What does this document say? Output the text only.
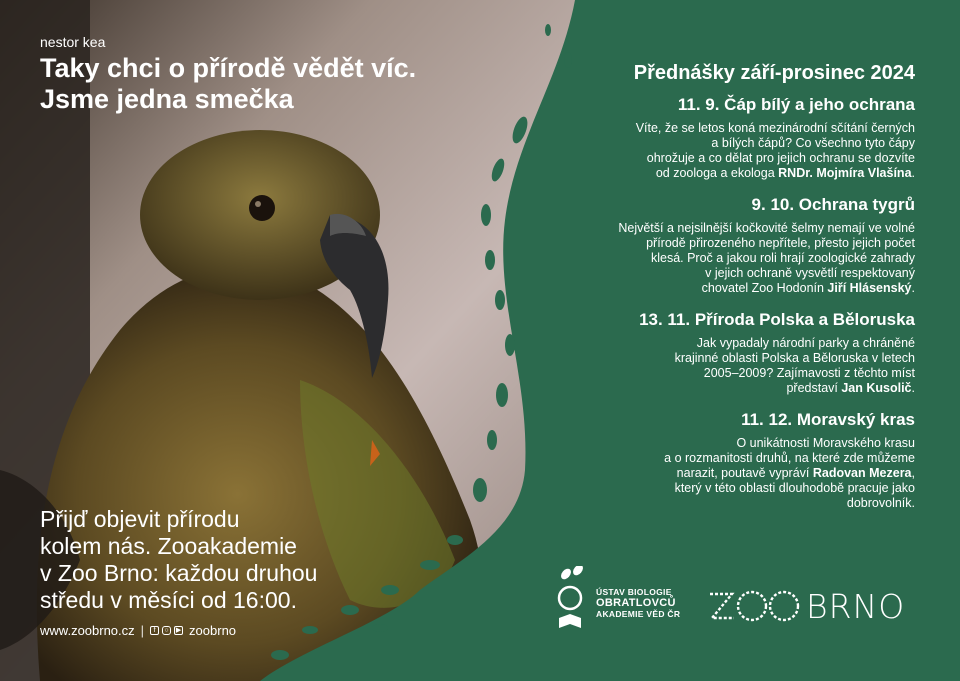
nestor kea

Taky chci o přírodě vědět víc.
Jsme jedna smečka

Přijď objevit přírodu
kolem nás. Zooakademie
v Zoo Brno: každou druhou
středu v měsíci od 16:00.
www.zoobrno.cz |	f	○	▶ zoobrno

Přednášky září-prosinec 2024

11. 9. Čáp bílý a jeho ochrana

Víte, že se letos koná mezinárodní sčítání černých
a bílých čápů? Co všechno tyto čápy
ohrožuje a co dělat pro jejich ochranu se dozvíte
od zoologa a ekologa RNDr. Mojmíra Vlašína.

9. 10. Ochrana tygrů

Největší a nejsilnější kočkovité šelmy nemají ve volné
přírodě přirozeného nepřítele, přesto jejich počet
klesá. Proč a jakou roli hrají zoologické zahrady
v jejich ochraně vysvětlí respektovaný
chovatel Zoo Hodonín Jiří Hlásenský.

13. 11. Příroda Polska a Běloruska

Jak vypadaly národní parky a chráněné
krajinné oblasti Polska a Běloruska v letech
2005–2009? Zajímavosti z těchto míst
představí Jan Kusolič.

11. 12. Moravský kras

O unikátnosti Moravského krasu
a o rozmanitosti druhů, na které zde můžeme
narazit, poutavě vypráví Radovan Mezera,
který v této oblasti dlouhodobě pracuje jako
dobrovolník.

ÚSTAV BIOLOGIE
OBRATLOVCŮ
AKADEMIE VĚD ČR	BRNO
